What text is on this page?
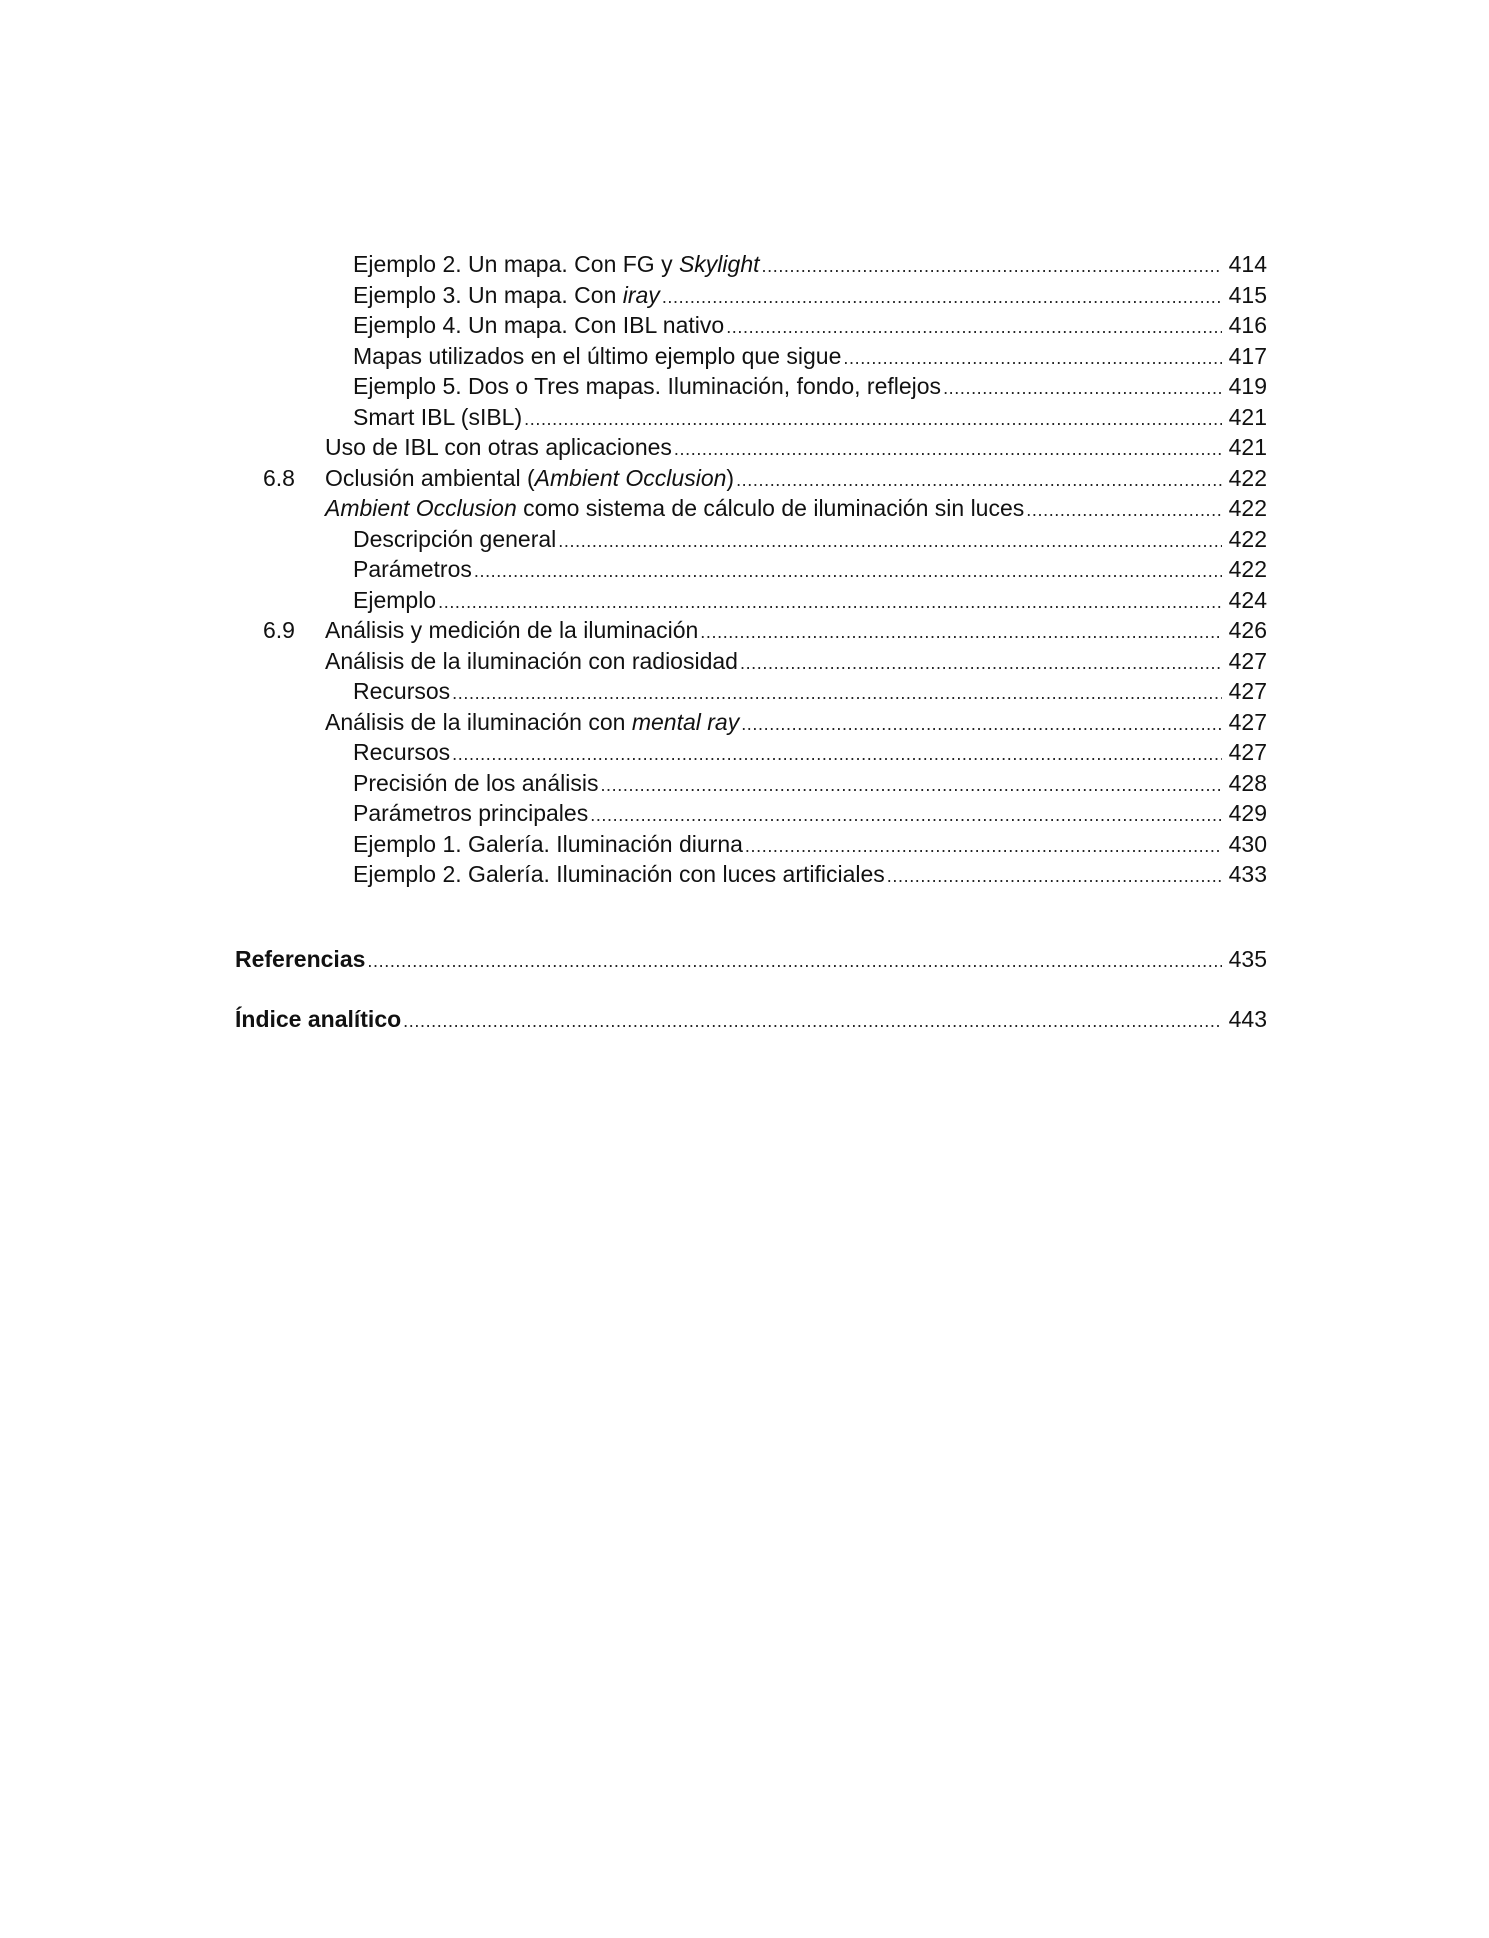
Ejemplo 2. Un mapa. Con FG y Skylight . . .	414
Ejemplo 3. Un mapa. Con iray . . .	415
Ejemplo 4. Un mapa. Con IBL nativo . . .	416
Mapas utilizados en el último ejemplo que sigue . . .	417
Ejemplo 5. Dos o Tres mapas. Iluminación, fondo, reflejos . . .	419
Smart IBL (sIBL) . . .	421
Uso de IBL con otras aplicaciones . . .	421
6.8	Oclusión ambiental (Ambient Occlusion) . . .	422
Ambient Occlusion como sistema de cálculo de iluminación sin luces . . .	422
Descripción general . . .	422
Parámetros . . .	422
Ejemplo . . .	424
6.9	Análisis y medición de la iluminación . . .	426
Análisis de la iluminación con radiosidad . . .	427
Recursos . . .	427
Análisis de la iluminación con mental ray . . .	427
Recursos . . .	427
Precisión de los análisis . . .	428
Parámetros principales . . .	429
Ejemplo 1. Galería. Iluminación diurna . . .	430
Ejemplo 2. Galería. Iluminación con luces artificiales . . .	433
Referencias . . .	435
Índice analítico . . .	443
